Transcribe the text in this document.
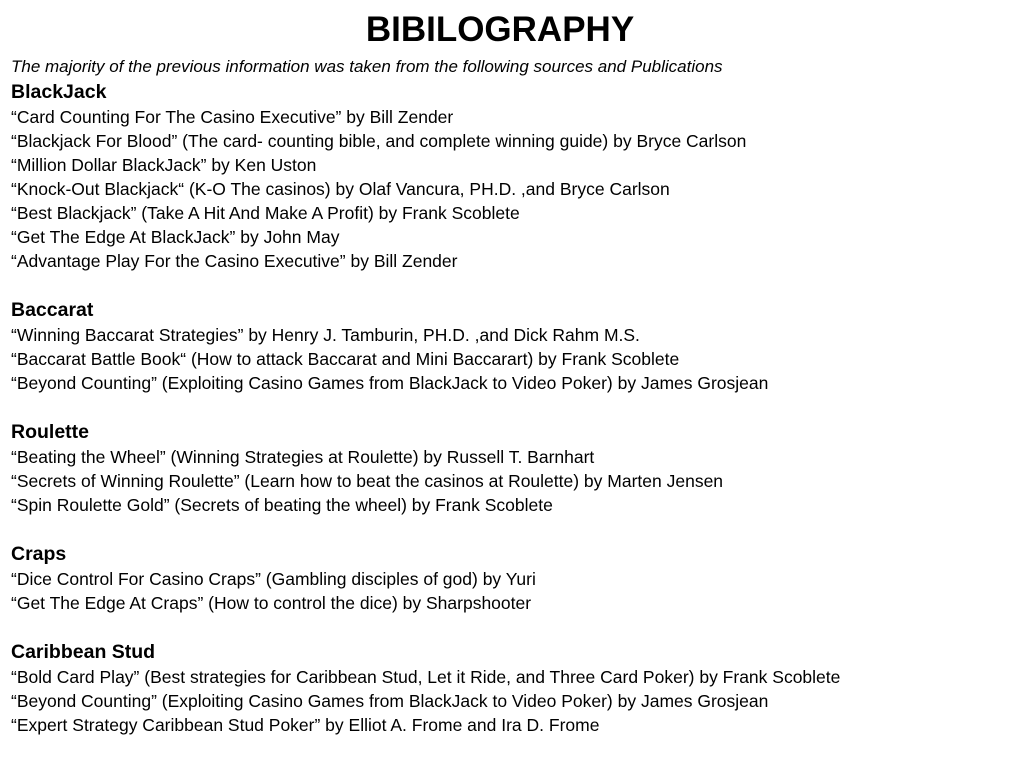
BIBILOGRAPHY

The majority of the previous information was taken from the following sources and Publications

BlackJack
“Card Counting For The Casino Executive” by Bill Zender
“Blackjack For Blood” (The card- counting bible, and complete winning guide) by Bryce Carlson
“Million Dollar BlackJack” by Ken Uston
“Knock-Out Blackjack“ (K-O The casinos) by Olaf Vancura, PH.D. ,and Bryce Carlson
“Best Blackjack” (Take A Hit And Make A Profit) by Frank Scoblete
“Get The Edge At BlackJack” by John May
“Advantage Play For the Casino Executive” by Bill Zender
Baccarat
“Winning Baccarat Strategies” by Henry J. Tamburin, PH.D. ,and Dick Rahm M.S.
“Baccarat Battle Book“ (How to attack Baccarat and Mini Baccarart) by Frank Scoblete
“Beyond Counting” (Exploiting Casino Games from BlackJack to Video Poker) by James Grosjean
Roulette
“Beating the Wheel” (Winning Strategies at Roulette) by Russell T. Barnhart
“Secrets of Winning Roulette” (Learn how to beat the casinos at Roulette) by Marten Jensen
“Spin Roulette Gold” (Secrets of beating the wheel) by Frank Scoblete
Craps
“Dice Control For Casino Craps” (Gambling disciples of god) by Yuri
“Get The Edge At Craps” (How to control the dice) by Sharpshooter
Caribbean Stud
“Bold Card Play” (Best strategies for Caribbean Stud, Let it Ride, and Three Card Poker) by Frank Scoblete
“Beyond Counting” (Exploiting Casino Games from BlackJack to Video Poker) by James Grosjean
“Expert Strategy Caribbean Stud Poker” by Elliot A. Frome and Ira D. Frome
